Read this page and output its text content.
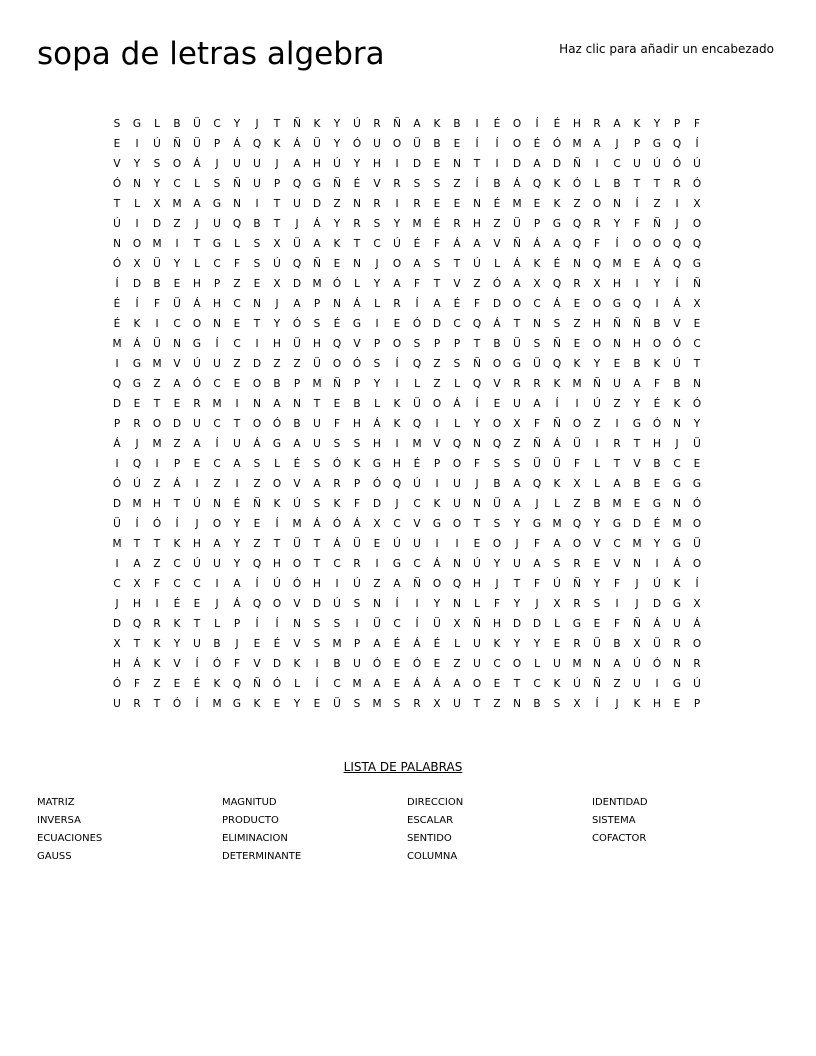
sopa de letras algebra	Haz clic para añadir un encabezado
S	G	L	B	Ü	C	Y	J	T	Ñ	K	Y	Ú	R	Ñ	A	K	B	I	É	O	Í	É	H	R	A	K	Y	P	F
E	I	Ú	Ñ	Ü	P	Á	Q	K	Á	Ü	Y	Ó	U	O	Ü	B	E	Í	Í	O	É	Ó	M	A	J	P	G	Q	Í
V	Y	S	O	Á	J	U	U	J	A	H	Ú	Y	H	I	D	E	N	T	I	D	A	D	Ñ	I	C	U	Ú	Ó	Ú
Ó	N	Y	C	L	S	Ñ	U	P	Q	G	Ñ	É	V	R	S	S	Z	Í	B	Á	Q	K	Ó	L	B	T	T	R	Ó
T	L	X	M	A	G	N	I	T	U	D	Z	N	R	I	R	E	E	N	É	M	E	K	Z	O	N	Í	Z	I	X
Ú	I	D	Z	J	U	Q	B	T	J	Á	Y	R	S	Y	M	É	R	H	Z	Ü	P	G	Q	R	Y	F	Ñ	J	O
N	O	M	I	T	G	L	S	X	Ü	A	K	T	C	Ú	É	F	Á	A	V	Ñ	Á	A	Q	F	Í	O	O	Q	Q
Ó	X	Ü	Y	L	C	F	S	Ú	Q	Ñ	E	N	J	O	A	S	T	Ú	L	Á	K	É	N	Q	M	E	Á	Q	G
Í	D	B	E	H	P	Z	E	X	D	M	Ó	L	Y	A	F	T	V	Z	Ó	A	X	Q	R	X	H	I	Y	Í	Ñ
É	Í	F	Ü	Á	H	C	N	J	A	P	N	Á	L	R	Í	A	É	F	D	O	C	Á	E	O	G	Q	I	Á	X
É	K	I	C	O	N	E	T	Y	Ó	S	É	G	I	E	Ó	D	C	Q	Á	T	N	S	Z	H	Ñ	Ñ	B	V	E
M	Á	Ü	N	G	Í	C	I	H	Ü	H	Q	V	P	O	S	P	P	T	B	Ü	S	Ñ	E	O	N	H	O	Ó	C
I	G	M	V	Ú	U	Z	D	Z	Z	Ü	O	Ó	S	Í	Q	Z	S	Ñ	O	G	Ü	Q	K	Y	E	B	K	Ú	T
Q	G	Z	A	Ó	C	E	O	B	P	M	Ñ	P	Y	I	L	Z	L	Q	V	R	R	K	M	Ñ	U	A	F	B	N
D	E	T	E	R	M	I	N	A	N	T	E	B	L	K	Ü	O	Á	Í	E	U	A	Í	I	Ú	Z	Y	É	K	Ó
P	R	O	D	U	C	T	O	Ó	B	U	F	H	Á	K	Q	I	L	Y	O	X	F	Ñ	O	Z	I	G	Ó	N	Y
Á	J	M	Z	A	Í	U	Á	G	A	U	S	S	H	I	M	V	Q	N	Q	Z	Ñ	Á	Ü	I	R	T	H	J	Ü
I	Q	I	P	E	C	A	S	L	É	S	Ó	K	G	H	É	P	O	F	S	S	Ü	Ü	F	L	T	V	B	C	E
Ó	Ú	Z	Á	I	Z	I	Z	O	V	A	R	P	Ó	Q	Ú	I	U	J	B	A	Q	K	X	L	A	B	E	G	G
D	M	H	T	Ú	N	É	Ñ	K	Ú	S	K	F	D	J	C	K	U	N	Ü	A	J	L	Z	B	M	E	G	N	Ó
Ü	Í	Ó	Í	J	O	Y	E	Í	M	Á	Ó	Á	X	C	V	G	O	T	S	Y	G	M	Q	Y	G	D	É	M	O
M	T	T	K	H	A	Y	Z	T	Ü	T	Á	Ü	E	Ú	U	I	I	E	O	J	F	A	O	V	C	M	Y	G	Ü
I	A	Z	C	Ú	U	Y	Q	H	O	T	C	R	I	G	C	Á	N	Ú	Y	U	A	S	R	E	V	N	I	Á	O
C	X	F	C	C	I	A	Í	Ú	Ó	H	I	Ú	Z	A	Ñ	O	Q	H	J	T	F	Ú	Ñ	Y	F	J	Ú	K	Í
J	H	I	É	E	J	Á	Q	O	V	D	Ú	S	N	Í	I	Y	N	L	F	Y	J	X	R	S	I	J	D	G	X
D	Q	R	K	T	L	P	Í	Í	N	S	S	I	Ü	C	Í	Ü	X	Ñ	H	D	D	L	G	E	F	Ñ	Á	U	Á
X	T	K	Y	U	B	J	E	É	V	S	M	P	A	É	Á	É	L	U	K	Y	Y	E	R	Ü	B	X	Ü	R	O
H	Á	K	V	Í	Ó	F	V	D	K	I	B	U	Ó	E	Ó	E	Z	U	C	O	L	U	M	N	A	Ú	Ó	N	R
Ó	F	Z	E	É	K	Q	Ñ	Ó	L	Í	C	M	A	E	Á	Á	A	O	E	T	C	K	Ú	Ñ	Z	U	I	G	Ú
U	R	T	Ó	Í	M	G	K	E	Y	E	Ü	S	M	S	R	X	U	T	Z	N	B	S	X	Í	J	K	H	E	P
LISTA DE PALABRAS
MATRIZ	MAGNITUD	DIRECCION	IDENTIDAD
INVERSA	PRODUCTO	ESCALAR	SISTEMA
ECUACIONES	ELIMINACION	SENTIDO	COFACTOR
GAUSS	DETERMINANTE	COLUMNA
